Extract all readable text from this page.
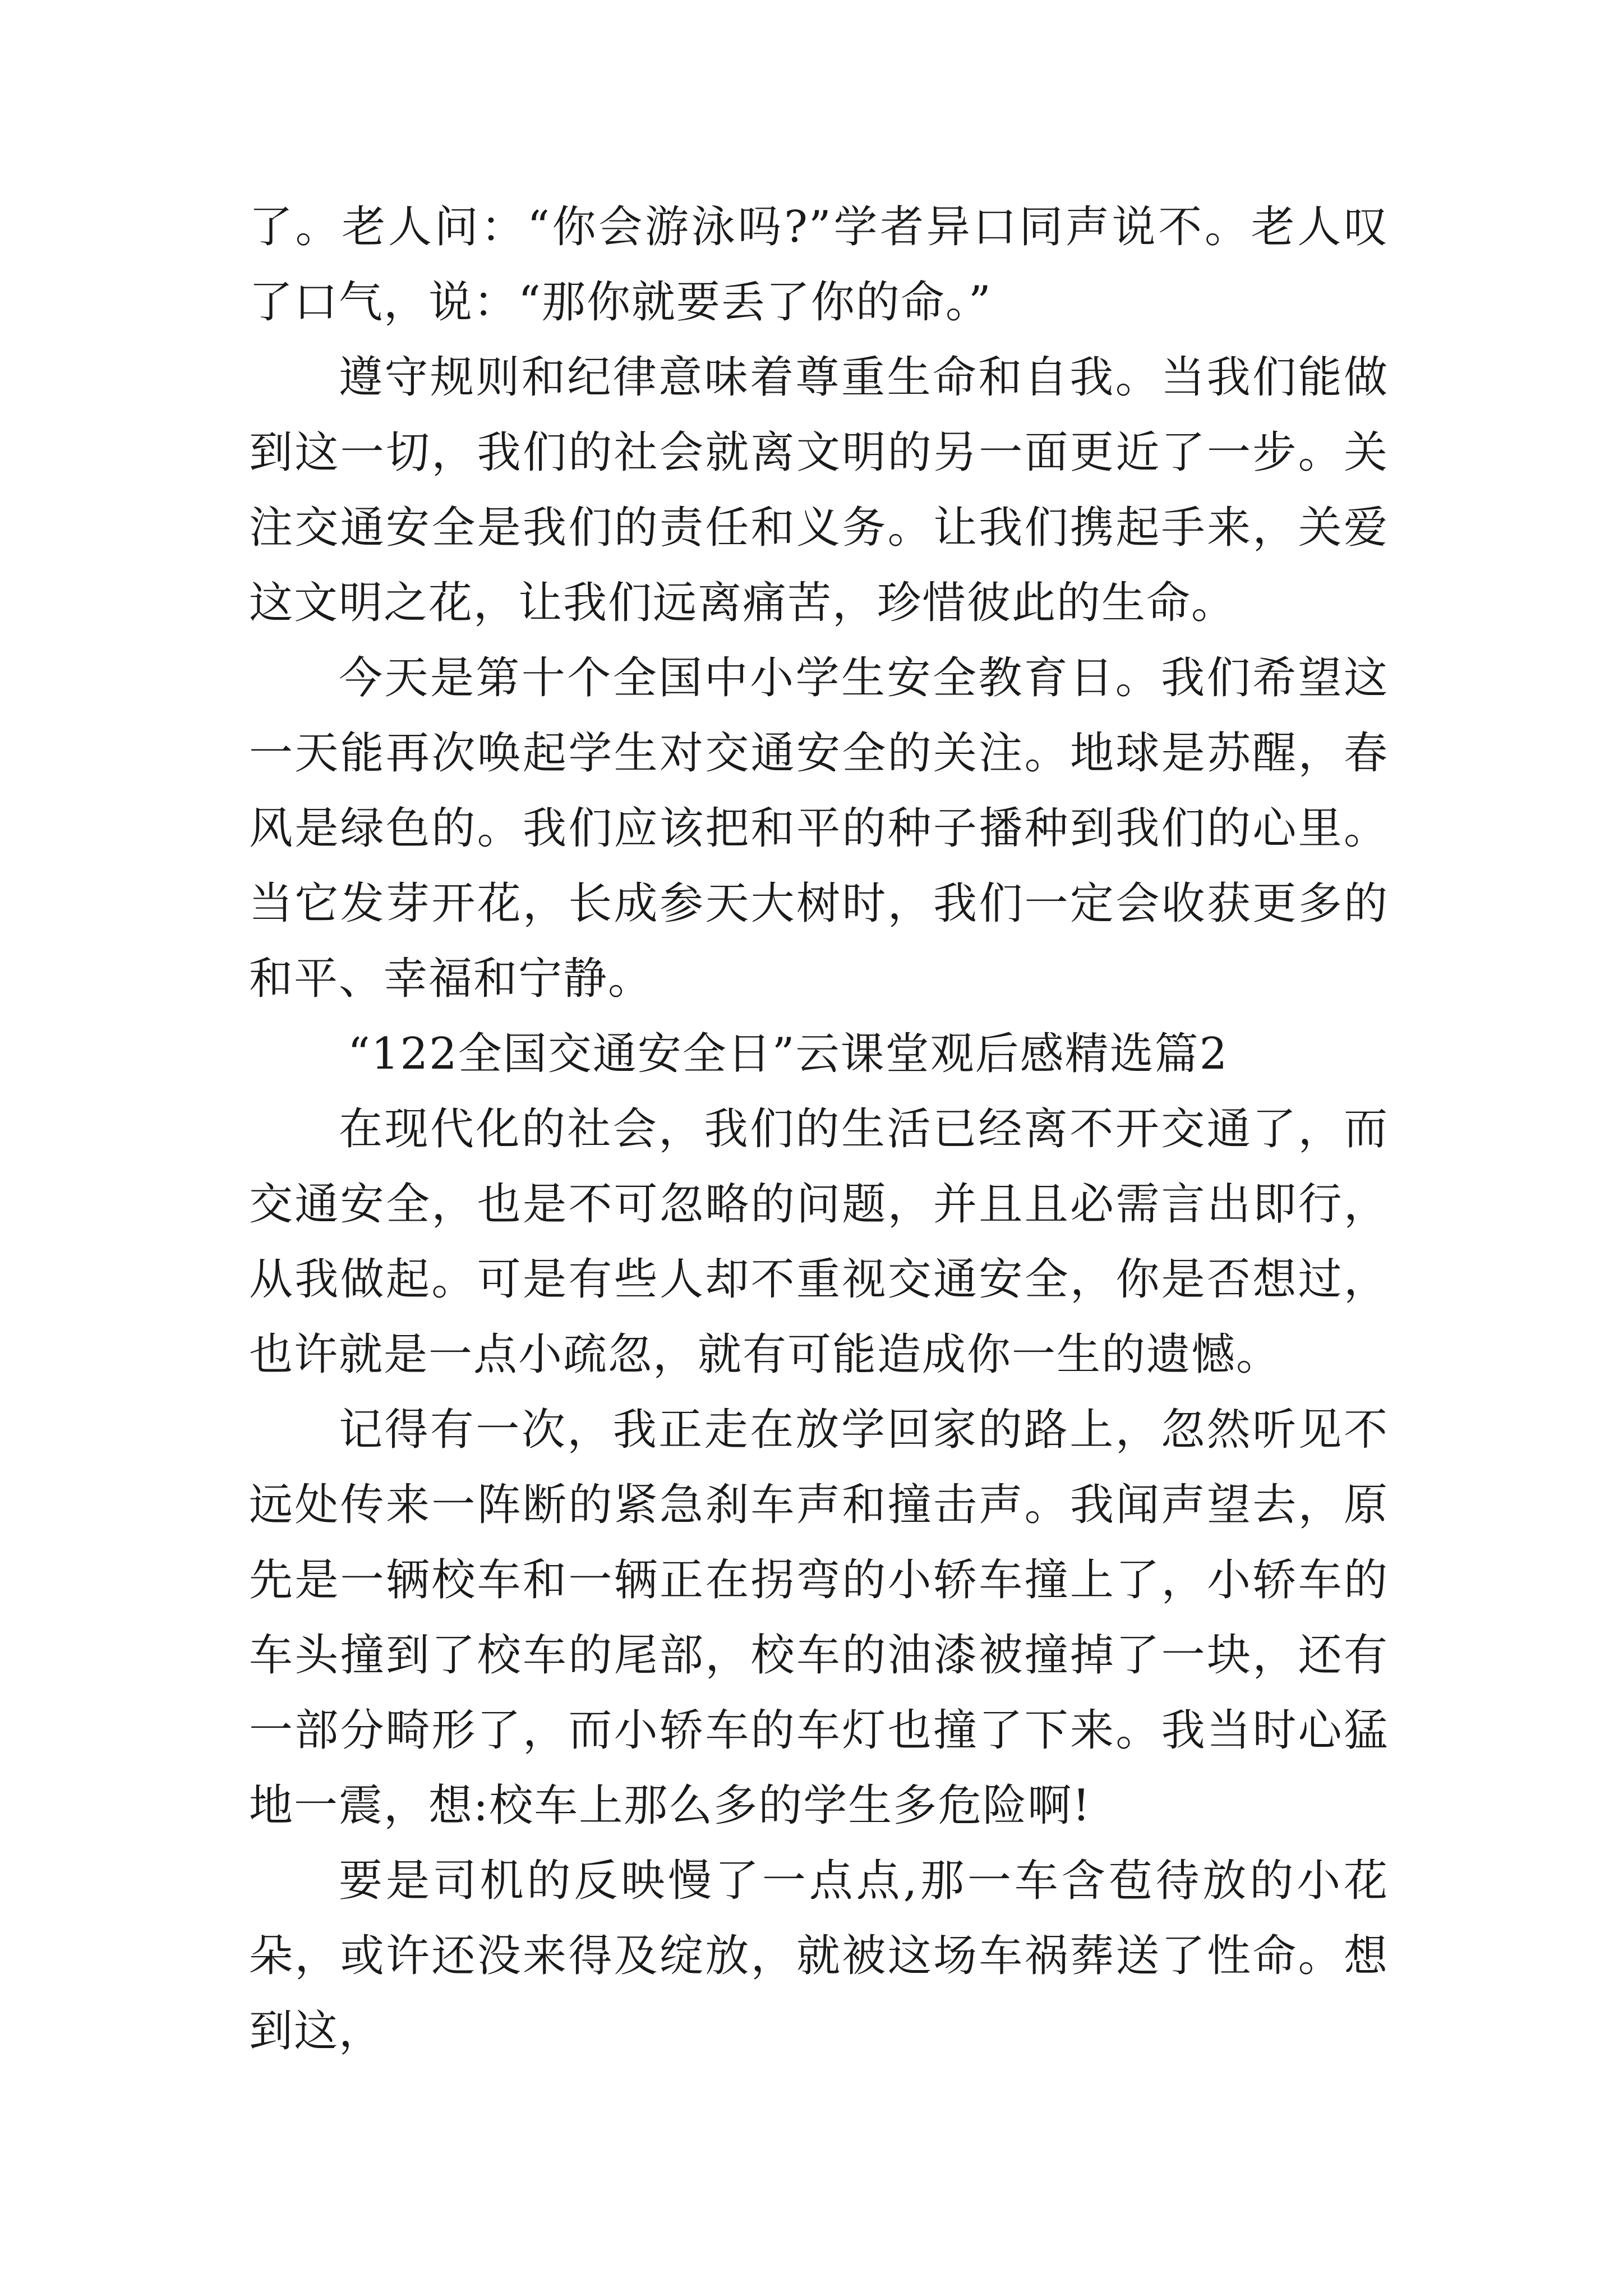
了。老人问：“你会游泳吗?”学者异口同声说不。老人叹了口气，说：“那你就要丢了你的命。”

遵守规则和纪律意味着尊重生命和自我。当我们能做到这一切，我们的社会就离文明的另一面更近了一步。关注交通安全是我们的责任和义务。让我们携起手来，关爱这文明之花，让我们远离痛苦，珍惜彼此的生命。

今天是第十个全国中小学生安全教育日。我们希望这一天能再次唤起学生对交通安全的关注。地球是苏醒，春风是绿色的。我们应该把和平的种子播种到我们的心里。当它发芽开花，长成参天大树时，我们一定会收获更多的和平、幸福和宁静。

“122全国交通安全日”云课堂观后感精选篇2

在现代化的社会，我们的生活已经离不开交通了，而交通安全，也是不可忽略的问题，并且且必需言出即行，从我做起。可是有些人却不重视交通安全，你是否想过，也许就是一点小疏忽，就有可能造成你一生的遗憾。

记得有一次，我正走在放学回家的路上，忽然听见不远处传来一阵断的紧急刹车声和撞击声。我闻声望去，原先是一辆校车和一辆正在拐弯的小轿车撞上了，小轿车的车头撞到了校车的尾部，校车的油漆被撞掉了一块，还有一部分畸形了，而小轿车的车灯也撞了下来。我当时心猛地一震，想:校车上那么多的学生多危险啊!

要是司机的反映慢了一点点,那一车含苞待放的小花朵，或许还没来得及绽放，就被这场车祸葬送了性命。想到这，
